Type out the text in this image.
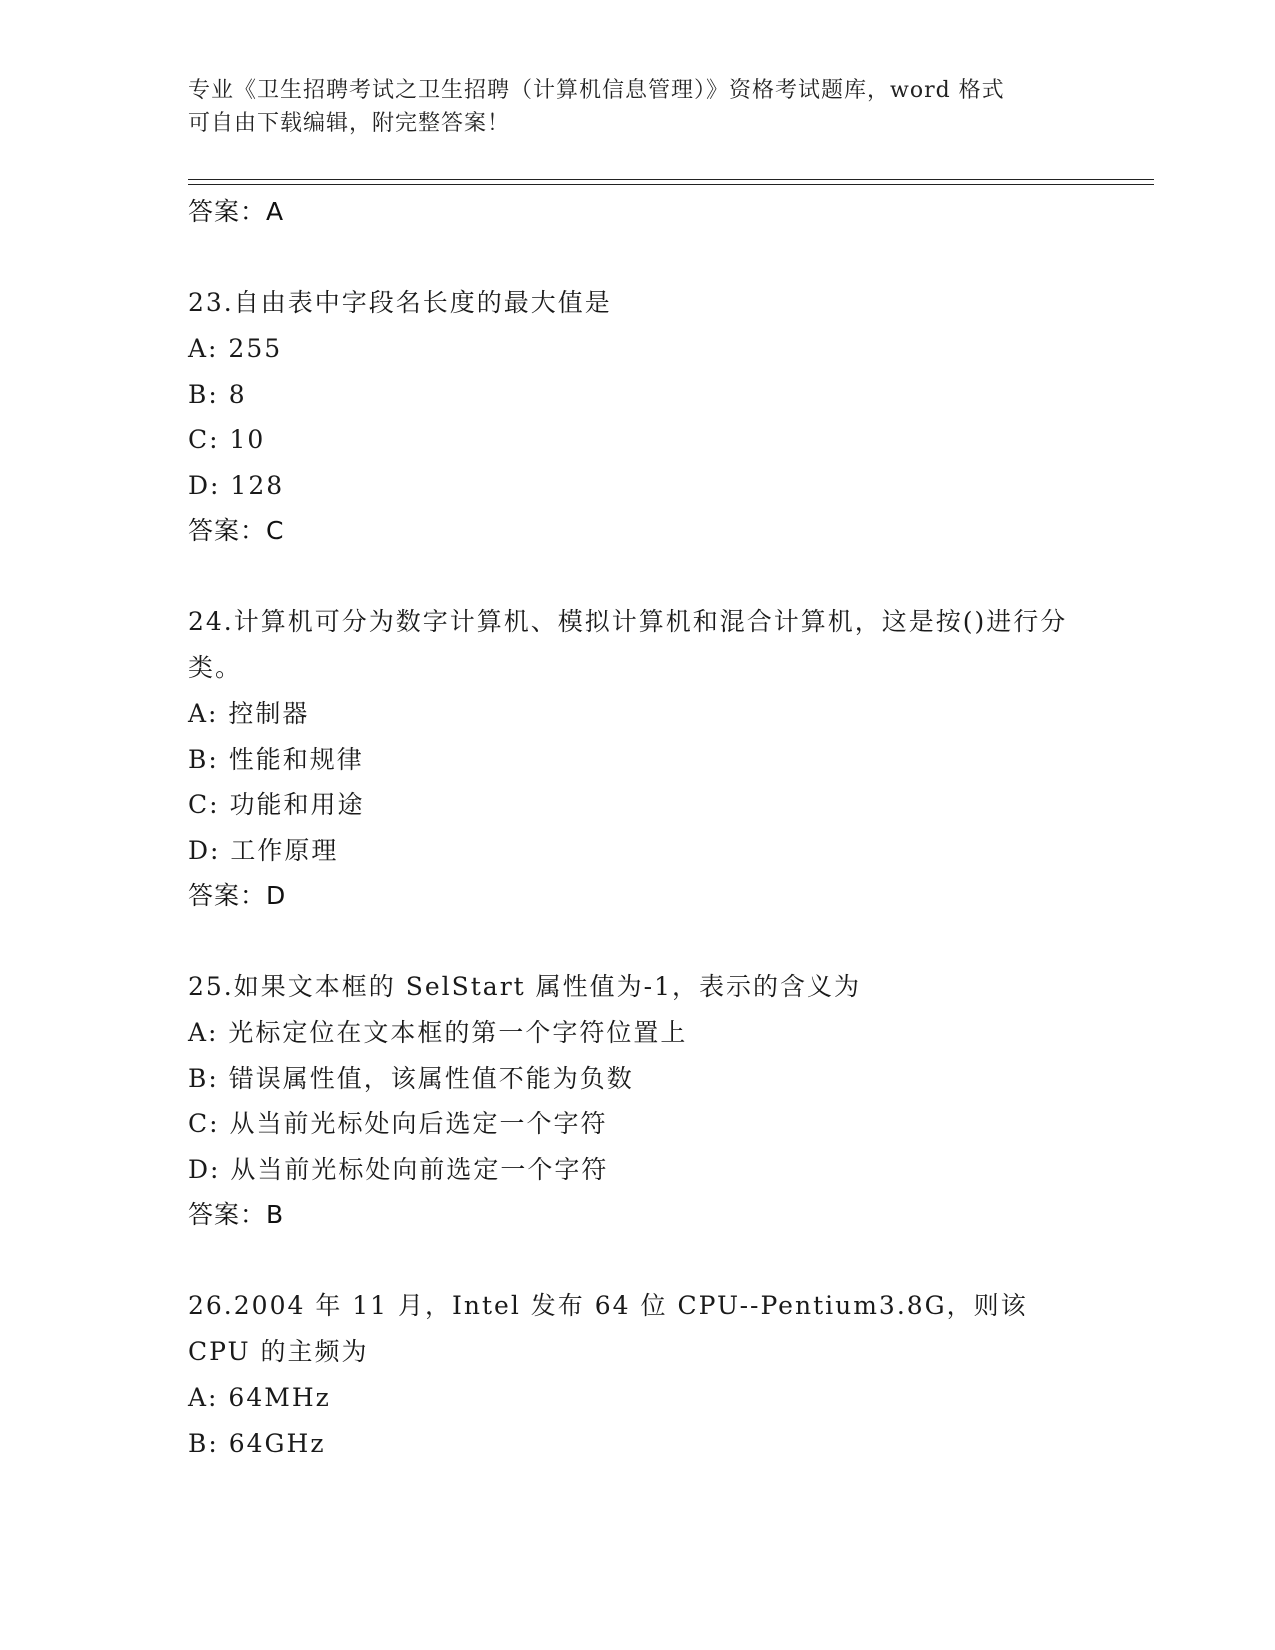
专业《卫生招聘考试之卫生招聘（计算机信息管理）》资格考试题库，word 格式
可自由下载编辑，附完整答案！
答案：A
23.自由表中字段名长度的最大值是
A: 255
B: 8
C: 10
D: 128
答案：C
24.计算机可分为数字计算机、模拟计算机和混合计算机，这是按()进行分类。
A: 控制器
B: 性能和规律
C: 功能和用途
D: 工作原理
答案：D
25.如果文本框的 SelStart 属性值为-1，表示的含义为
A: 光标定位在文本框的第一个字符位置上
B: 错误属性值，该属性值不能为负数
C: 从当前光标处向后选定一个字符
D: 从当前光标处向前选定一个字符
答案：B
26.2004 年 11 月，Intel 发布 64 位 CPU--Pentium3.8G，则该 CPU 的主频为
A: 64MHz
B: 64GHz
